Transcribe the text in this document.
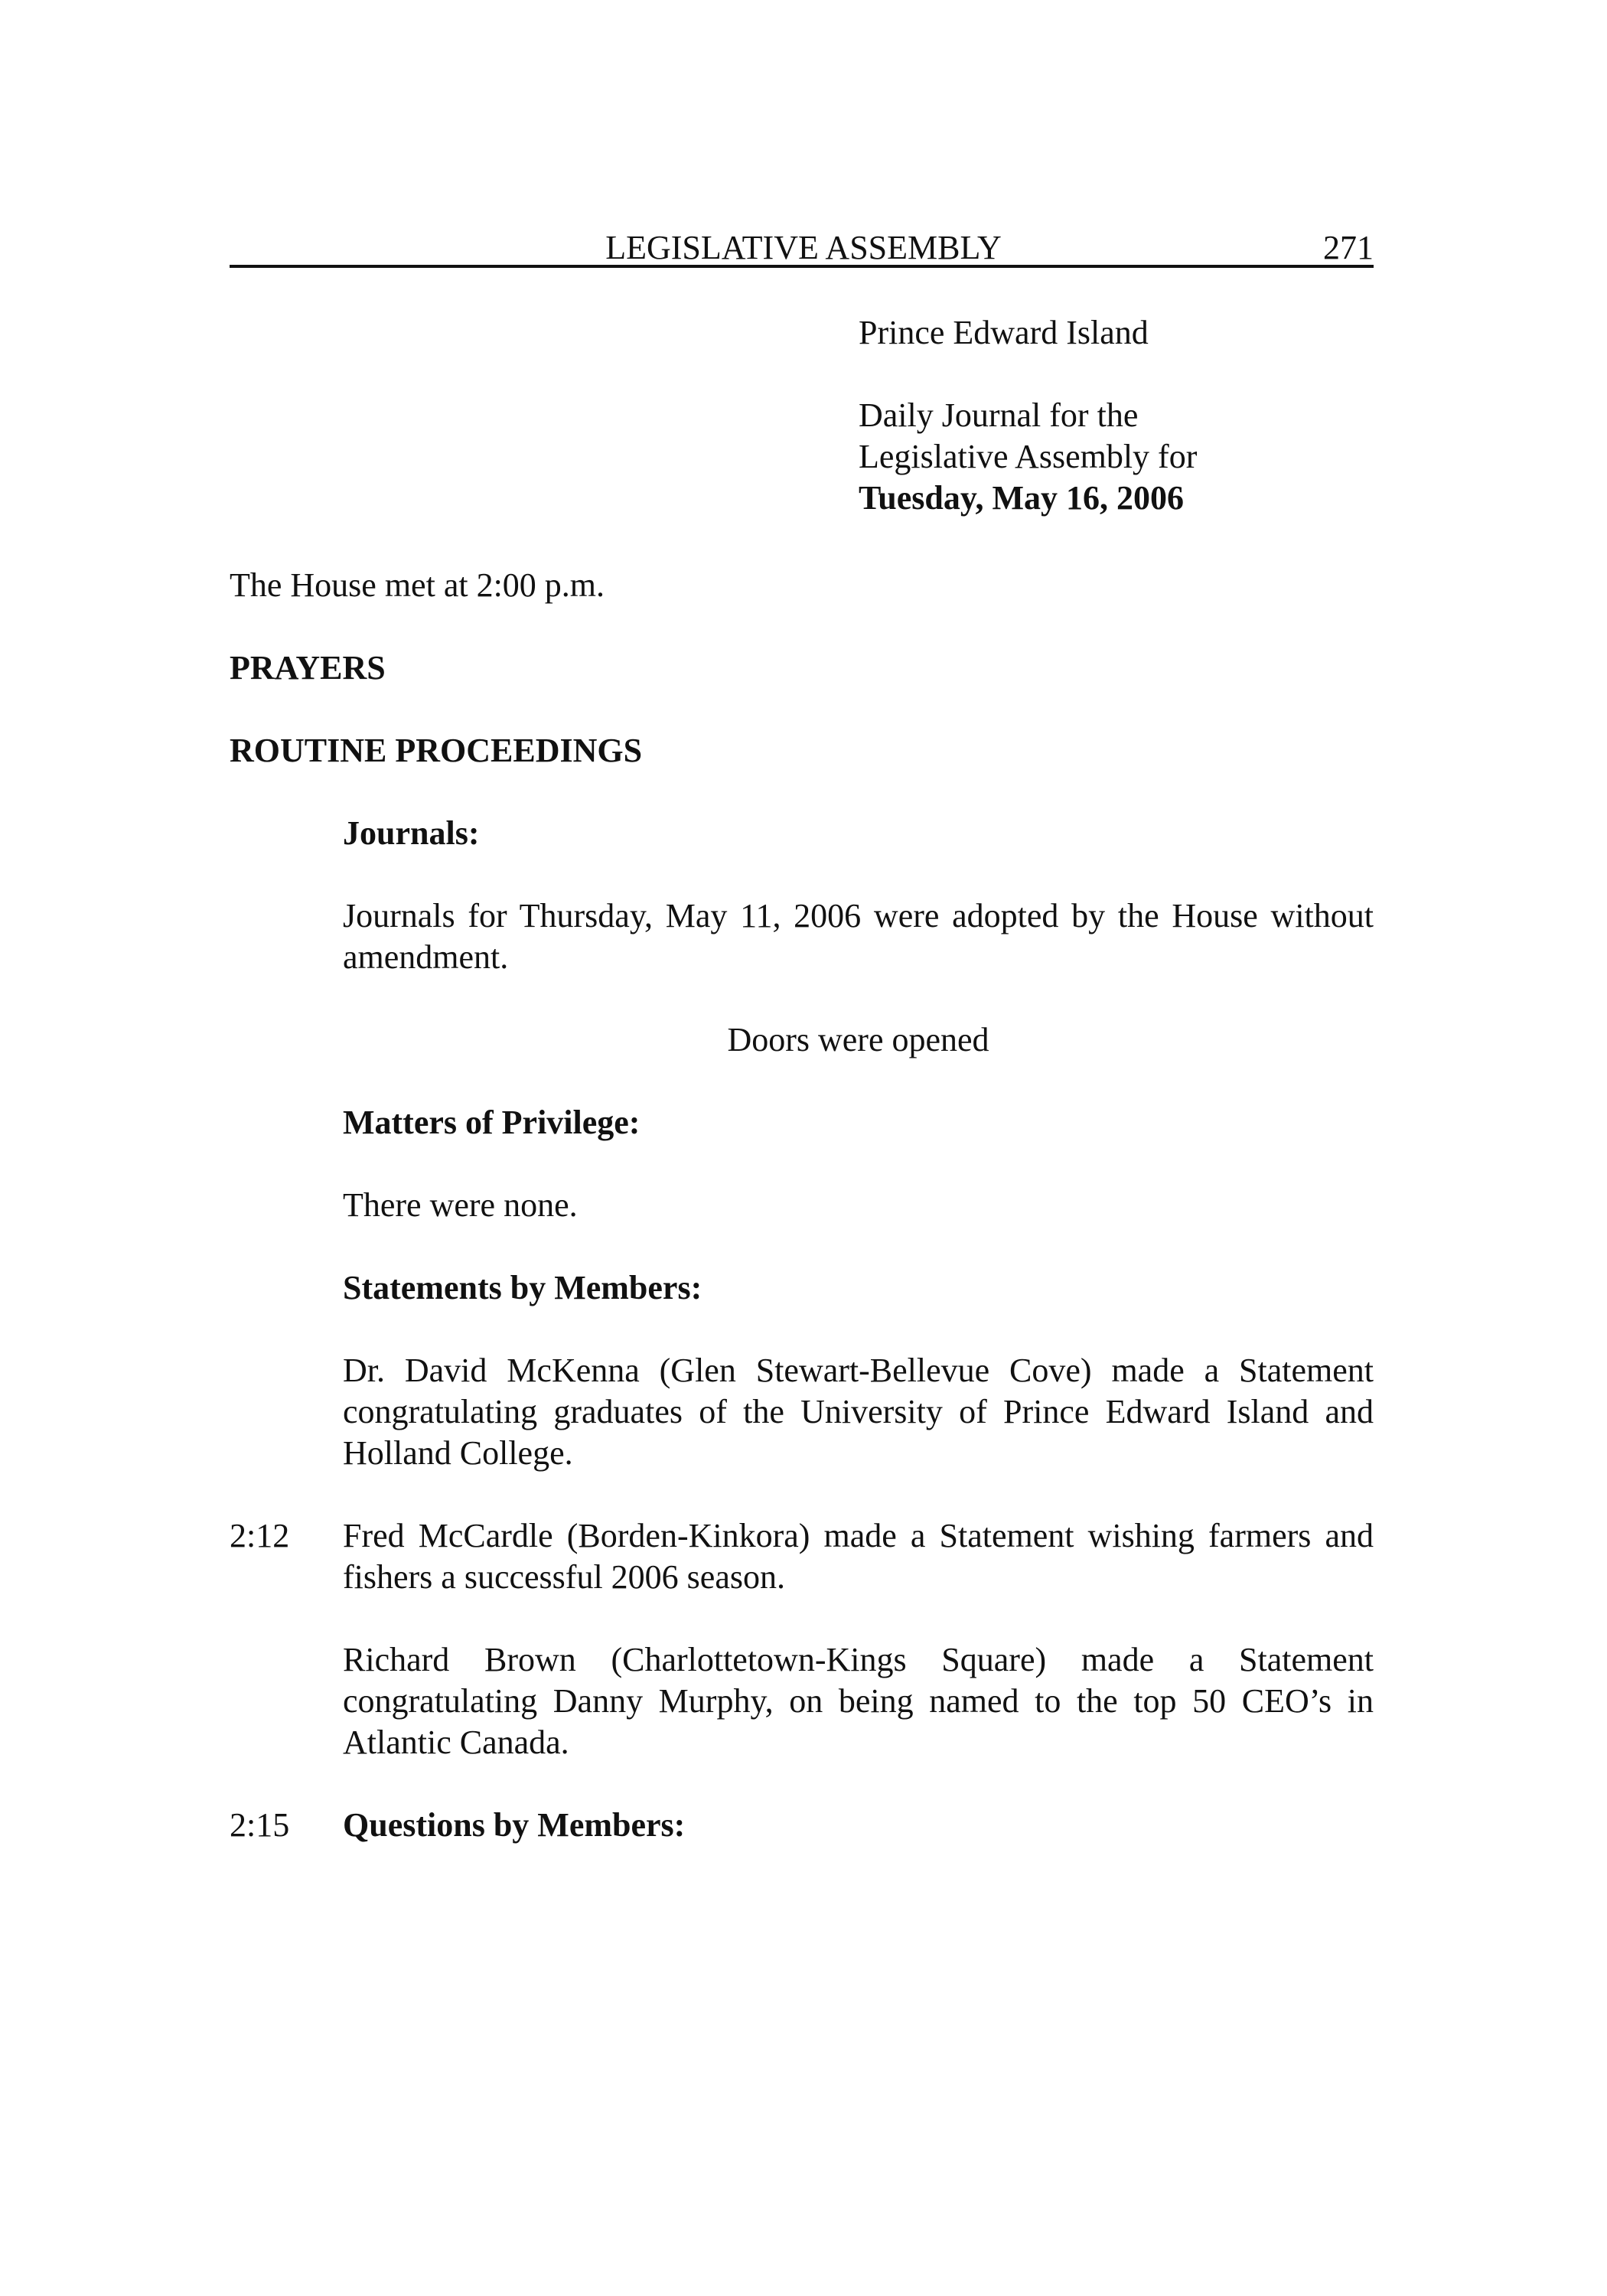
LEGISLATIVE ASSEMBLY	271

Prince Edward Island

Daily Journal for the

Legislative Assembly for

Tuesday, May 16, 2006

The House met at 2:00 p.m.

PRAYERS

ROUTINE PROCEEDINGS

Journals:

Journals for Thursday, May 11, 2006 were adopted by the House without amendment.

Doors were opened

Matters of Privilege:

There were none.

Statements by Members:

Dr. David McKenna (Glen Stewart-Bellevue Cove) made a Statement congratulating graduates of the University of Prince Edward Island and Holland College.

2:12	Fred McCardle (Borden-Kinkora) made a Statement wishing farmers and fishers a successful 2006 season.

Richard Brown (Charlottetown-Kings Square) made a Statement congratulating Danny Murphy, on being named to the top 50 CEO’s in Atlantic Canada.

2:15	Questions by Members:
